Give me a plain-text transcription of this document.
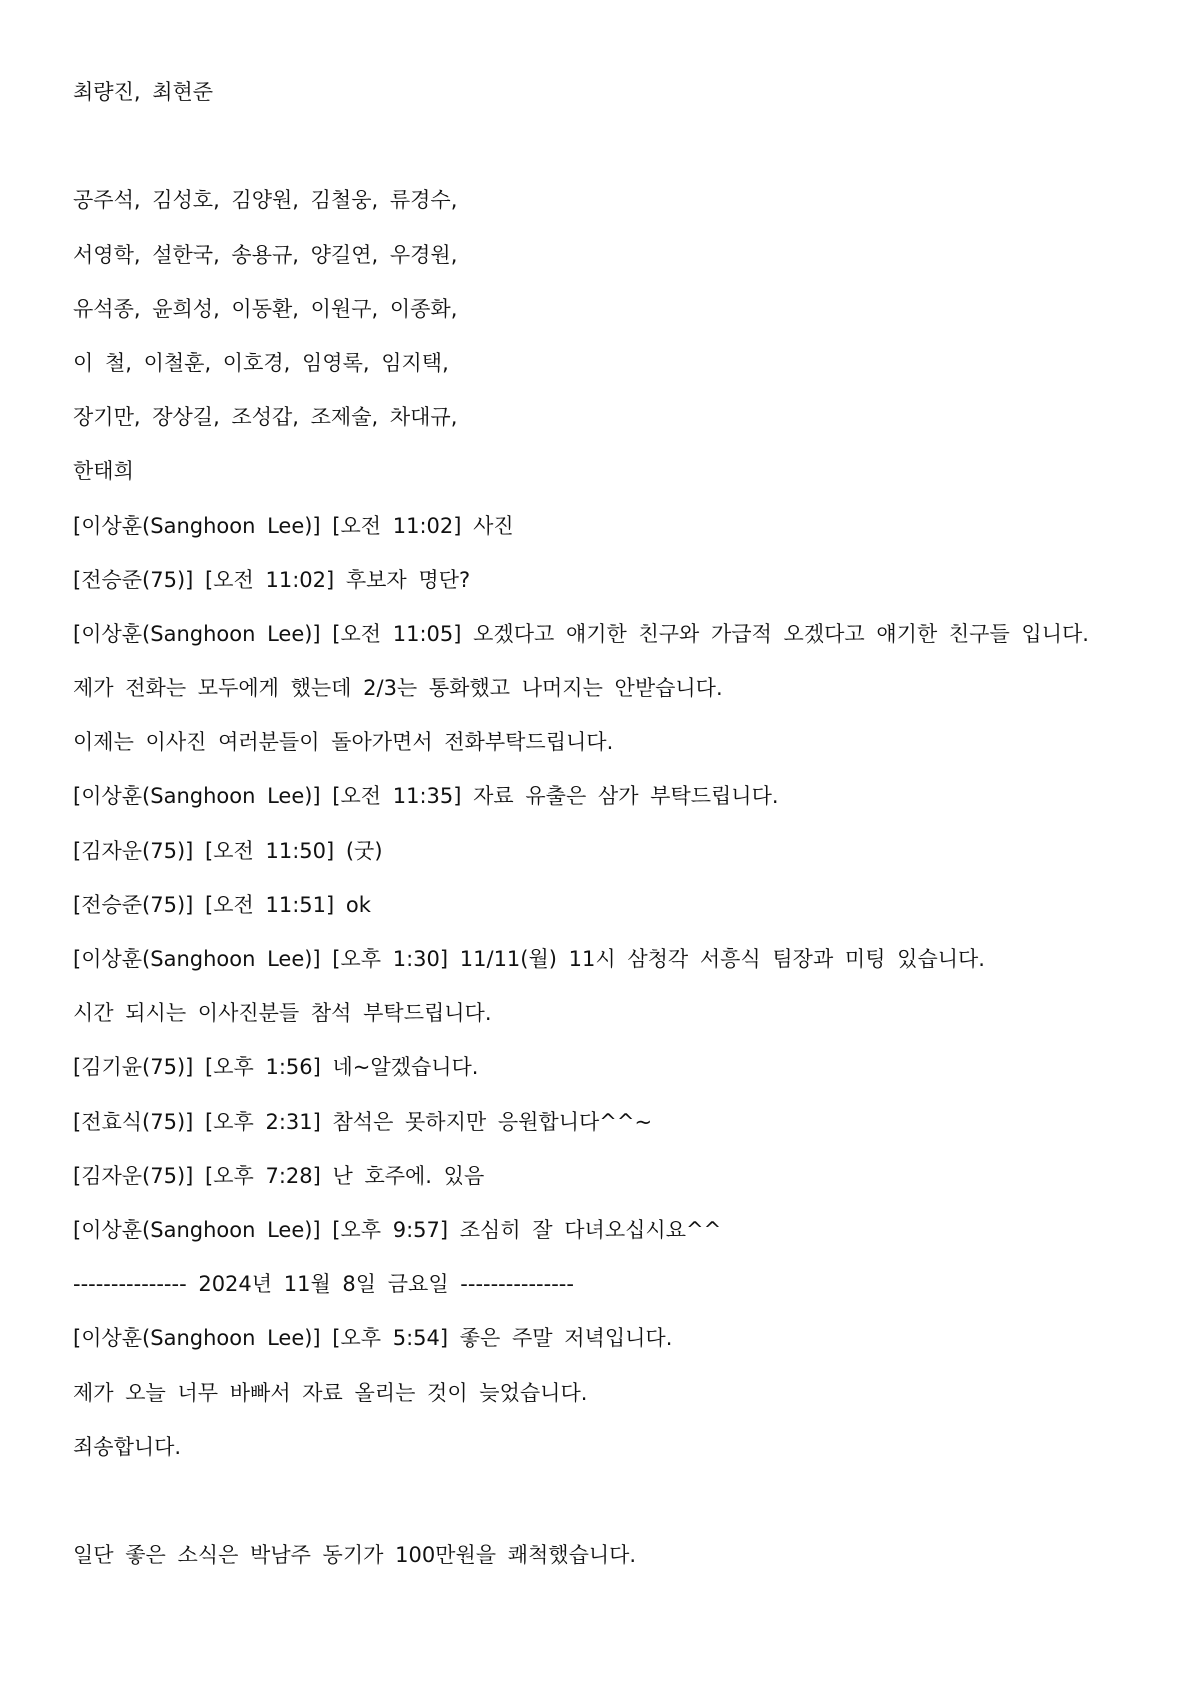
최량진, 최현준
공주석, 김성호, 김양원, 김철웅, 류경수,
서영학, 설한국, 송용규, 양길연, 우경원,
유석종, 윤희성, 이동환, 이원구, 이종화,
이 철, 이철훈, 이호경, 임영록, 임지택,
장기만, 장상길, 조성갑, 조제술, 차대규,
한태희
[이상훈(Sanghoon Lee)] [오전 11:02] 사진
[전승준(75)] [오전 11:02] 후보자 명단?
[이상훈(Sanghoon Lee)] [오전 11:05] 오겠다고 얘기한 친구와 가급적 오겠다고 얘기한 친구들 입니다.
제가 전화는 모두에게 했는데 2/3는 통화했고 나머지는 안받습니다.
이제는 이사진 여러분들이 돌아가면서 전화부탁드립니다.
[이상훈(Sanghoon Lee)] [오전 11:35] 자료 유출은 삼가 부탁드립니다.
[김자운(75)] [오전 11:50] (굿)
[전승준(75)] [오전 11:51] ok
[이상훈(Sanghoon Lee)] [오후 1:30] 11/11(월) 11시 삼청각 서흥식 팀장과 미팅 있습니다.
시간 되시는 이사진분들 참석 부탁드립니다.
[김기윤(75)] [오후 1:56] 네~알겠습니다.
[전효식(75)] [오후 2:31] 참석은 못하지만 응원합니다^^~
[김자운(75)] [오후 7:28] 난 호주에. 있음
[이상훈(Sanghoon Lee)] [오후 9:57] 조심히 잘 다녀오십시요^^
--------------- 2024년 11월 8일 금요일 ---------------
[이상훈(Sanghoon Lee)] [오후 5:54] 좋은 주말 저녁입니다.
제가 오늘 너무 바빠서 자료 올리는 것이 늦었습니다.
죄송합니다.
일단 좋은 소식은 박남주 동기가 100만원을 쾌척했습니다.
